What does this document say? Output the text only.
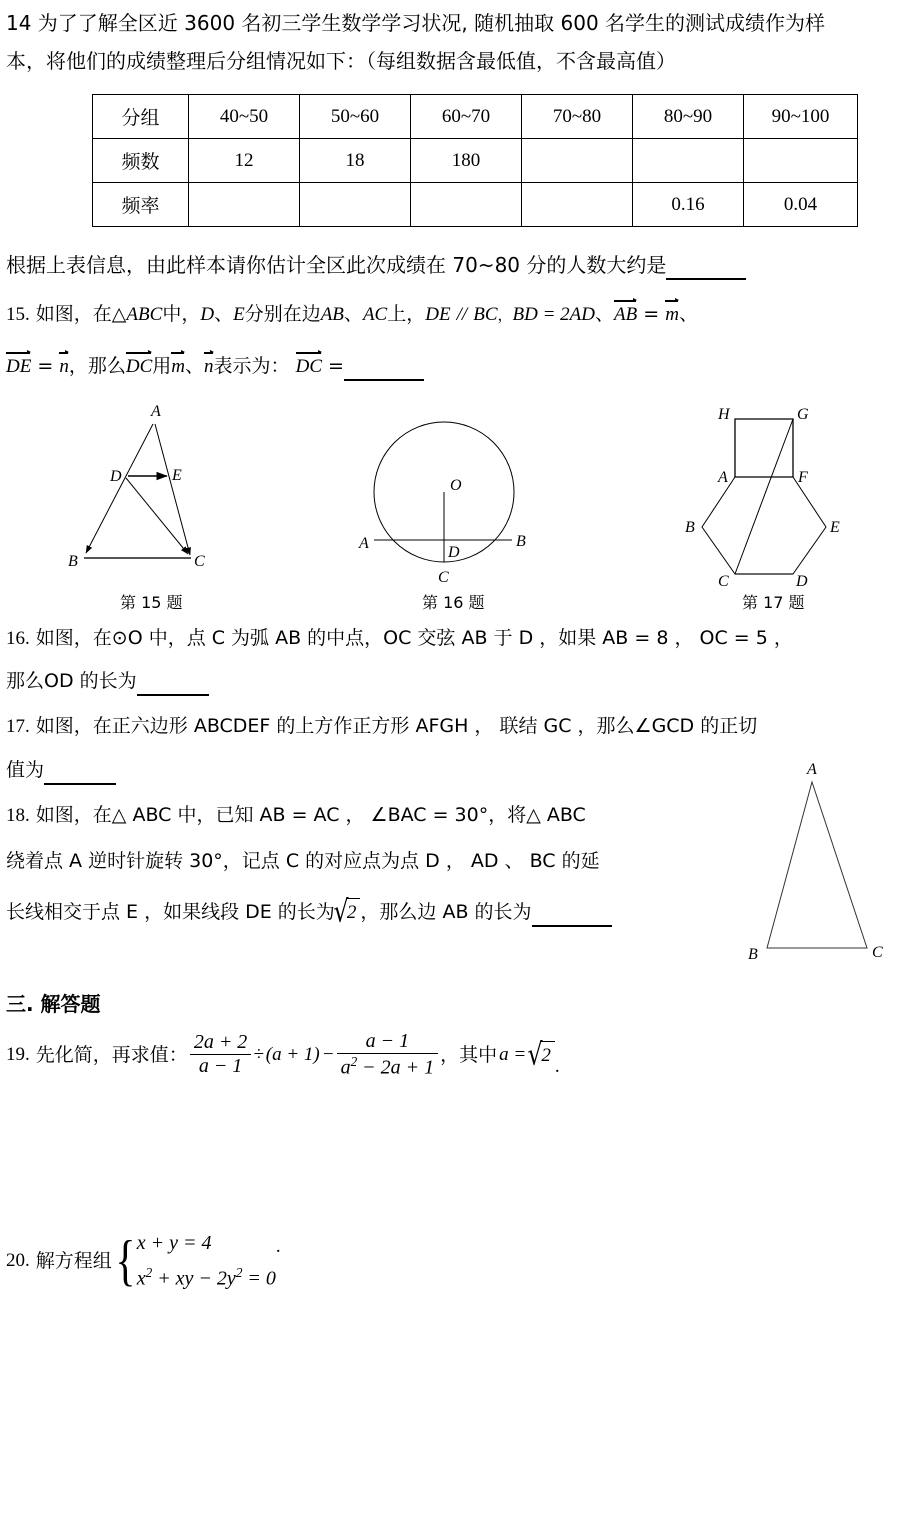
14 为了了解全区近 3600 名初三学生数学学习状况, 随机抽取 600 名学生的测试成绩作为样
本，将他们的成绩整理后分组情况如下：（每组数据含最低值，不含最高值）
分组	40~50	50~60	60~70	70~80	80~90	90~100
频数	12	18	180			
频率					0.16	0.04
根据上表信息，由此样本请你估计全区此次成绩在 70~80 分的人数大约是
15. 如图，在△ABC中，D、E分别在边AB、AC上，DE // BC，BD = 2AD、AB = m、
DE = n，那么DC用m、n表示为： DC =
A
B	C
D	E
第 15 题
O
A	B
D
C
第 16 题
H	G
A	F
B	E
C	D
第 17 题
16. 如图，在⊙O 中，点 C 为弧 AB 的中点，OC 交弦 AB 于 D ，如果 AB = 8 ， OC = 5 ，
那么OD 的长为
17. 如图，在正六边形 ABCDEF 的上方作正方形 AFGH ， 联结 GC ，那么∠GCD 的正切
值为
18. 如图，在△ ABC 中，已知 AB = AC ， ∠BAC = 30°，将△ ABC
绕着点 A 逆时针旋转 30°，记点 C 的对应点为点 D ， AD 、 BC 的延
长线相交于点 E ，如果线段 DE 的长为√2 ，那么边 AB 的长为
A
B	C
三. 解答题
19.
先化简，再求值： $\frac{2a + 2}{a - 1} \div (a + 1) - \frac{a - 1}{a^2 - 2a + 1}$ ，其中 a = √
2
.
20.
解方程组 { x + y = 4
$x^2$ + xy − $2y^2 = 0$
.
